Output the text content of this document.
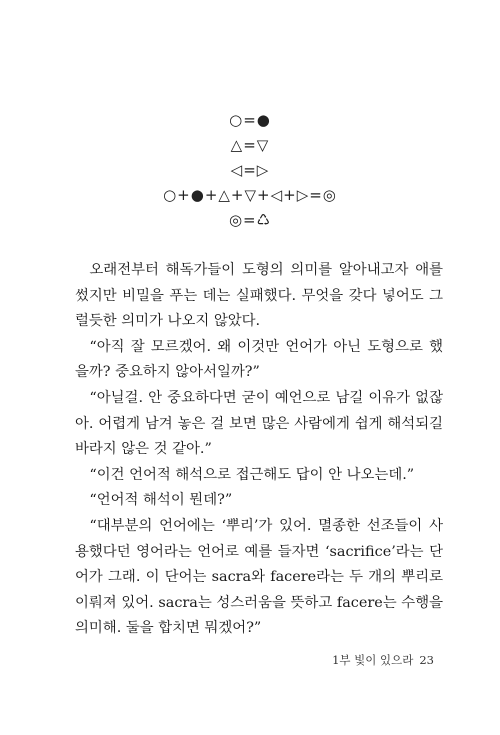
○=●
△=▽
◁=▷
○+●+△+▽+◁+▷=◎
◎=♺

오래전부터 해독가들이 도형의 의미를 알아내고자 애를 썼지만 비밀을 푸는 데는 실패했다. 무엇을 갖다 넣어도 그럴듯한 의미가 나오지 않았다.

“아직 잘 모르겠어. 왜 이것만 언어가 아닌 도형으로 했을까? 중요하지 않아서일까?”

“아닐걸. 안 중요하다면 굳이 예언으로 남길 이유가 없잖아. 어렵게 남겨 놓은 걸 보면 많은 사람에게 쉽게 해석되길 바라지 않은 것 같아.”

“이건 언어적 해석으로 접근해도 답이 안 나오는데.”

“언어적 해석이 뭔데?”

“대부분의 언어에는 ‘뿌리’가 있어. 멸종한 선조들이 사용했다던 영어라는 언어로 예를 들자면 ‘sacrifice’라는 단어가 그래. 이 단어는 sacra와 facere라는 두 개의 뿌리로 이뤄져 있어. sacra는 성스러움을 뜻하고 facere는 수행을 의미해. 둘을 합치면 뭐겠어?”

1부 빛이 있으라 23
